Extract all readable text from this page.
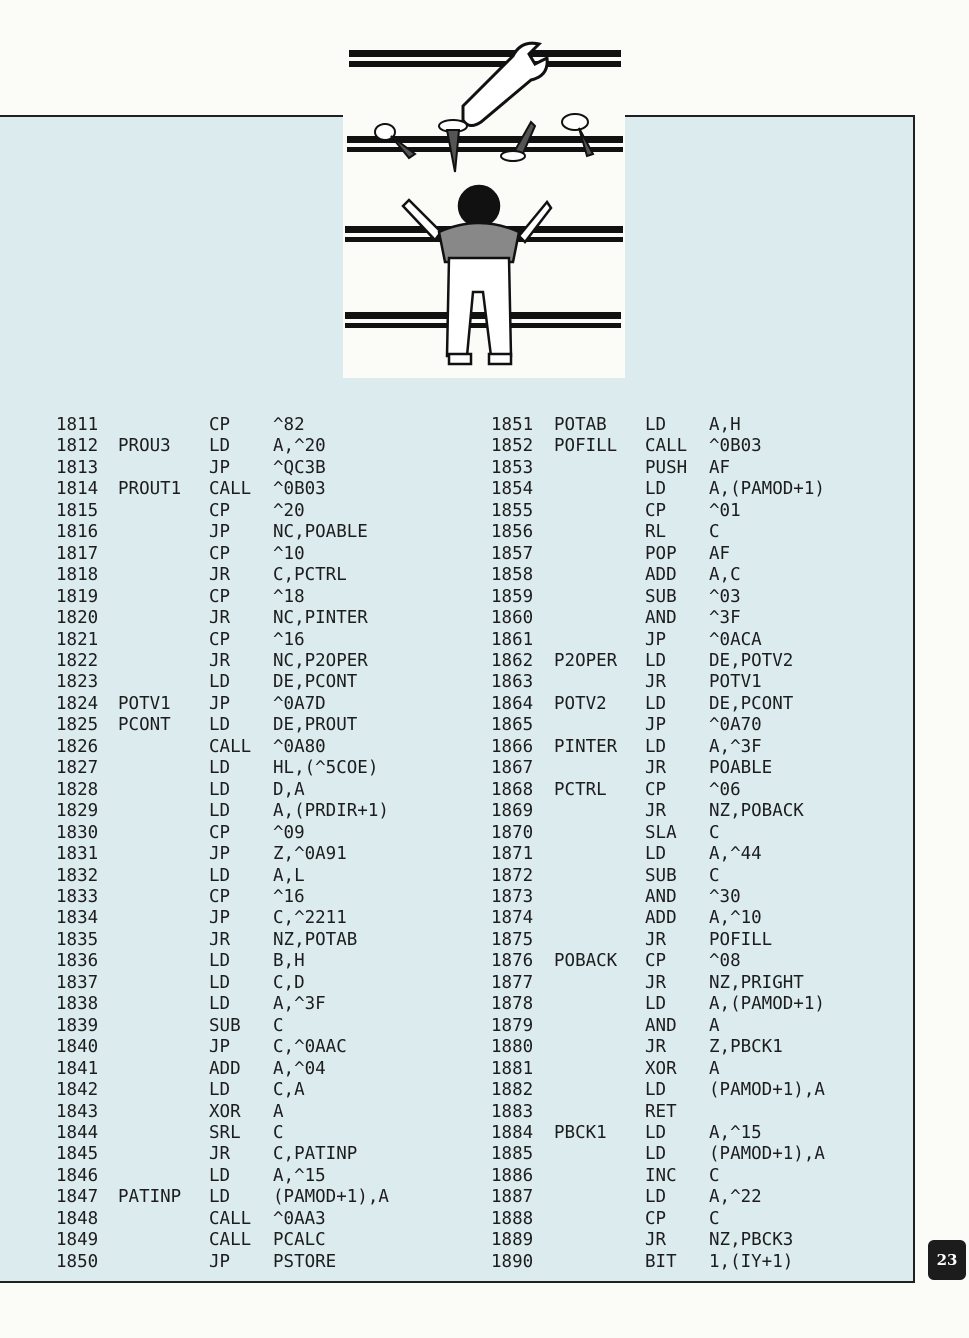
1811	CP ^82
1812 PROU3 LD A,^20
1813	JP ^QC3B
1814 PROUT1 CALL ^0B03
1815	CP ^20
1816	JP NC,POABLE
1817	CP ^10
1818	JR C,PCTRL
1819	CP ^18
1820	JR NC,PINTER
1821	CP ^16
1822	JR NC,P2OPER
1823	LD DE,PCONT
1824 POTV1 JP ^0A7D
1825 PCONT LD DE,PROUT
1826	CALL ^0A80
1827	LD HL,(^5COE)
1828	LD D,A
1829	LD A,(PRDIR+1)
1830	CP ^09
1831	JP Z,^0A91
1832	LD A,L
1833	CP ^16
1834	JP C,^2211
1835	JR NZ,POTAB
1836	LD B,H
1837	LD C,D
1838	LD A,^3F
1839	SUB C
1840	JP C,^0AAC
1841	ADD A,^04
1842	LD C,A
1843	XOR A
1844	SRL C
1845	JR C,PATINP
1846	LD A,^15
1847 PATINP LD (PAMOD+1),A
1848	CALL ^0AA3
1849	CALL PCALC
1850	JP PSTORE
1851 POTAB LD A,H
1852 POFILL CALL ^0B03
1853	PUSH AF
1854	LD A,(PAMOD+1)
1855	CP ^01
1856	RL C
1857	POP AF
1858	ADD A,C
1859	SUB ^03
1860	AND ^3F
1861	JP ^0ACA
1862 P2OPER LD DE,POTV2
1863	JR POTV1
1864 POTV2 LD DE,PCONT
1865	JP ^0A70
1866 PINTER LD A,^3F
1867	JR POABLE
1868 PCTRL CP ^06
1869	JR NZ,POBACK
1870	SLA C
1871	LD A,^44
1872	SUB C
1873	AND ^30
1874	ADD A,^10
1875	JR POFILL
1876 POBACK CP ^08
1877	JR NZ,PRIGHT
1878	LD A,(PAMOD+1)
1879	AND A
1880	JR Z,PBCK1
1881	XOR A
1882	LD (PAMOD+1),A
1883	RET
1884 PBCK1 LD A,^15
1885	LD (PAMOD+1),A
1886	INC C
1887	LD A,^22
1888	CP C
1889	JR NZ,PBCK3
1890	BIT 1,(IY+1)	23
